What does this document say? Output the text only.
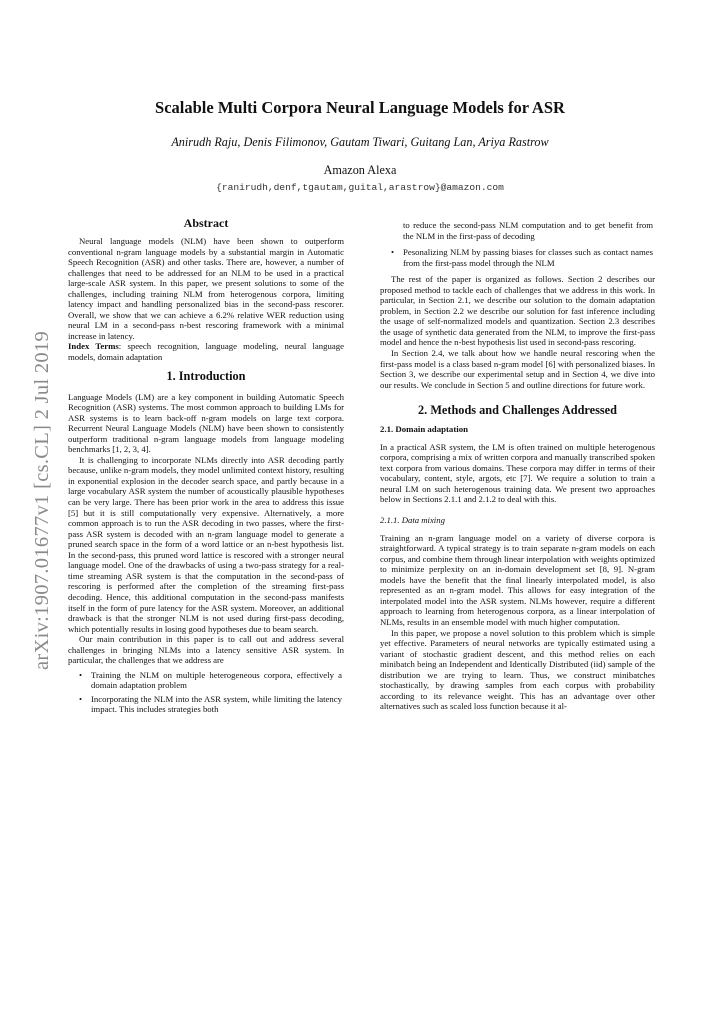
arXiv:1907.01677v1 [cs.CL] 2 Jul 2019
Scalable Multi Corpora Neural Language Models for ASR
Anirudh Raju, Denis Filimonov, Gautam Tiwari, Guitang Lan, Ariya Rastrow
Amazon Alexa
{ranirudh,denf,tgautam,guital,arastrow}@amazon.com
Abstract

Neural language models (NLM) have been shown to outperform conventional n-gram language models by a substantial margin in Automatic Speech Recognition (ASR) and other tasks. There are, however, a number of challenges that need to be addressed for an NLM to be used in a practical large-scale ASR system. In this paper, we present solutions to some of the challenges, including training NLM from heterogenous corpora, limiting latency impact and handling personalized bias in the second-pass rescorer. Overall, we show that we can achieve a 6.2% relative WER reduction using neural LM in a second-pass n-best rescoring framework with a minimal increase in latency.

Index Terms: speech recognition, language modeling, neural language models, domain adaptation

1. Introduction

Language Models (LM) are a key component in building Automatic Speech Recognition (ASR) systems. The most common approach to building LMs for ASR systems is to learn back-off n-gram models on large text corpora. Recurrent Neural Language Models (NLM) have been shown to consistently outperform traditional n-gram language models from language modeling benchmarks [1, 2, 3, 4].

It is challenging to incorporate NLMs directly into ASR decoding partly because, unlike n-gram models, they model unlimited context history, resulting in exponential explosion in the decoder search space, and partly because in a large vocabulary ASR system the number of acoustically plausible hypotheses can be very large. There has been prior work in the area to address this issue [5] but it is still computationally very expensive. Alternatively, a more common approach is to run the ASR decoding in two passes, where the first-pass ASR system is decoded with an n-gram language model to generate a pruned search space in the form of a word lattice or an n-best hypothesis list. In the second-pass, this pruned word lattice is rescored with a stronger neural language model. One of the drawbacks of using a two-pass strategy for a real-time streaming ASR system is that the computation in the second-pass of rescoring is performed after the completion of the streaming first-pass decoding. Hence, this additional computation in the second-pass manifests itself in the form of pure latency for the ASR system. Moreover, an additional drawback is that the stronger NLM is not used during first-pass decoding, which potentially results in losing good hypotheses due to beam search.

Our main contribution in this paper is to call out and address several challenges in bringing NLMs into a latency sensitive ASR system. In particular, the challenges that we address are

• Training the NLM on multiple heterogeneous corpora, effectively a domain adaptation problem
• Incorporating the NLM into the ASR system, while limiting the latency impact. This includes strategies both
to reduce the second-pass NLM computation and to get benefit from the NLM in the first-pass of decoding
• Pesonalizing NLM by passing biases for classes such as contact names from the first-pass model through the NLM

The rest of the paper is organized as follows. Section 2 describes our proposed method to tackle each of challenges that we address in this work. In particular, in Section 2.1, we describe our solution to the domain adaptation problem, in Section 2.2 we describe our solution for fast inference including the usage of self-normalized models and quantization. Section 2.3 describes the usage of synthetic data generated from the NLM, to improve the first-pass model and hence the n-best hypothesis list used in second-pass rescoring.

In Section 2.4, we talk about how we handle neural rescoring when the first-pass model is a class based n-gram model [6] with personalized biases. In Section 3, we describe our experimental setup and in Section 4, we dive into our results. We conclude in Section 5 and outline directions for future work.

2. Methods and Challenges Addressed
2.1. Domain adaptation

In a practical ASR system, the LM is often trained on multiple heterogenous corpora, comprising a mix of written corpora and manually transcribed spoken text corpora from various domains. These corpora may differ in terms of their vocabulary, content, style, argots, etc [7]. We require a solution to train a neural LM on such heterogenous training data. We present two approaches below in Sections 2.1.1 and 2.1.2 to deal with this.

2.1.1. Data mixing

Training an n-gram language model on a variety of diverse corpora is straightforward. A typical strategy is to train separate n-gram models on each corpus, and combine them through linear interpolation with weights optimized to minimize perplexity on an in-domain development set [8, 9]. N-gram models have the benefit that the final linearly interpolated model, is also represented as an n-gram model. This allows for easy integration of the interpolated model into the ASR system. NLMs however, require a different approach to learning from heterogenous corpora, as a linear interpolation of NLMs, results in an ensemble model with much higher computation.

In this paper, we propose a novel solution to this problem which is simple yet effective. Parameters of neural networks are typically estimated using a variant of stochastic gradient descent, and this method relies on each minibatch being an Independent and Identically Distributed (iid) sample of the distribution we are trying to learn. Thus, we construct minibatches stochastically, by drawing samples from each corpus with probability according to its relevance weight. This has an advantage over other alternatives such as scaled loss function because it al-
